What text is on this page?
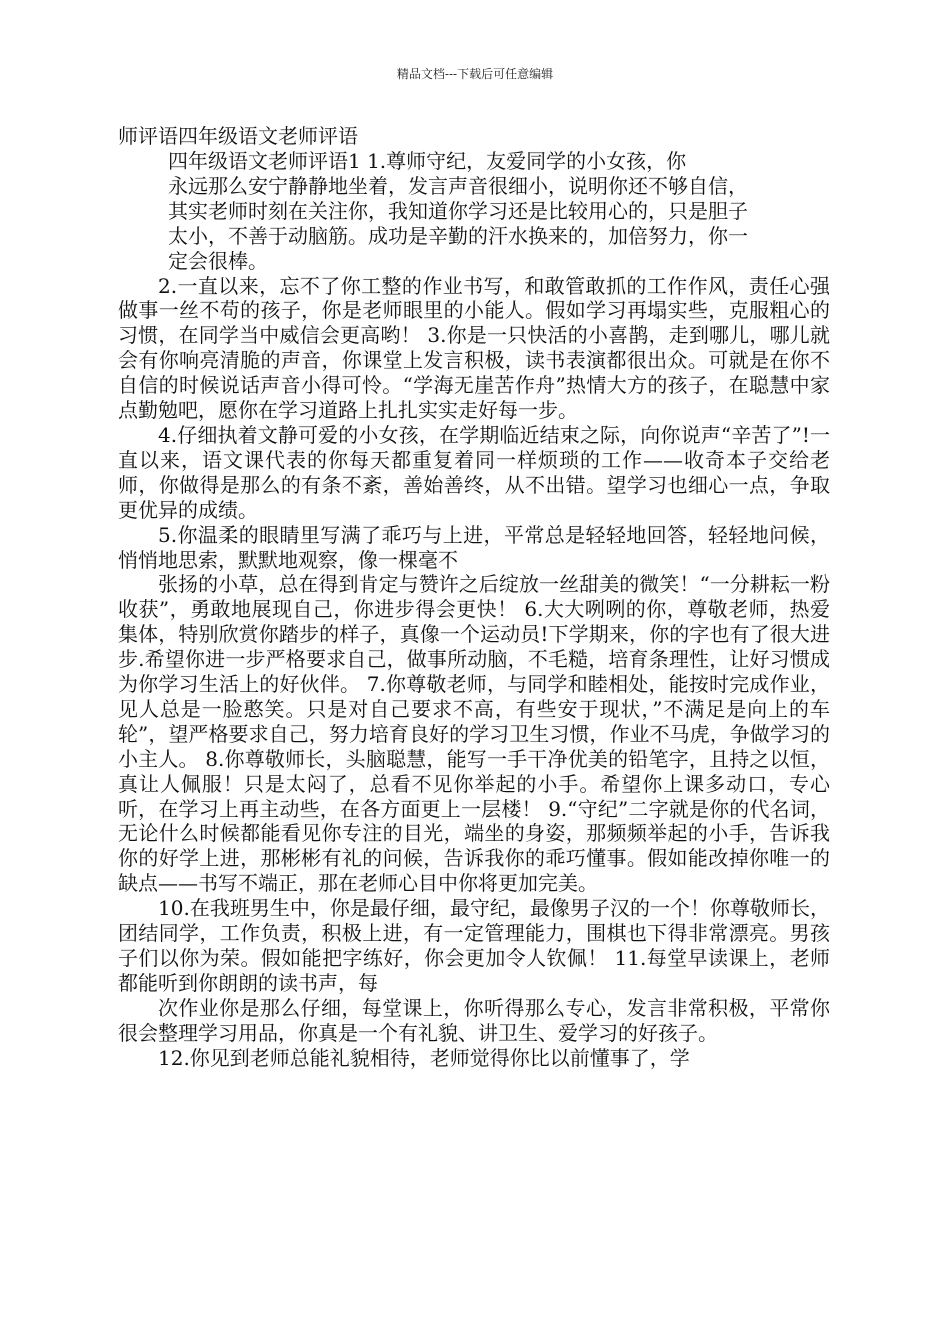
精品文档---下载后可任意编辑
师评语四年级语文老师评语

四年级语文老师评语1 1.尊师守纪，友爱同学的小女孩，你
永远那么安宁静静地坐着，发言声音很细小，说明你还不够自信，
其实老师时刻在关注你，我知道你学习还是比较用心的，只是胆子
太小，不善于动脑筋。成功是辛勤的汗水换来的，加倍努力，你一
定会很棒。

2.一直以来，忘不了你工整的作业书写，和敢管敢抓的工作作风，责任心强做事一丝不苟的孩子，你是老师眼里的小能人。假如学习再塌实些，克服粗心的习惯，在同学当中威信会更高哟！ 3.你是一只快活的小喜鹊，走到哪儿，哪儿就会有你响亮清脆的声音，你课堂上发言积极，读书表演都很出众。可就是在你不自信的时候说话声音小得可怜。“学海无崖苦作舟”热情大方的孩子，在聪慧中家点勤勉吧，愿你在学习道路上扎扎实实走好每一步。

4.仔细执着文静可爱的小女孩，在学期临近结束之际，向你说声“辛苦了”!一直以来，语文课代表的你每天都重复着同一样烦琐的工作——收奇本子交给老师，你做得是那么的有条不紊，善始善终，从不出错。望学习也细心一点，争取更优异的成绩。

5.你温柔的眼睛里写满了乖巧与上进，平常总是轻轻地回答，轻轻地问候，悄悄地思索，默默地观察，像一棵毫不

张扬的小草，总在得到肯定与赞许之后绽放一丝甜美的微笑！“一分耕耘一粉收获”，勇敢地展现自己，你进步得会更快！ 6.大大咧咧的你，尊敬老师，热爱集体，特别欣赏你踏步的样子，真像一个运动员!下学期来，你的字也有了很大进步.希望你进一步严格要求自己，做事所动脑，不毛糙，培育条理性，让好习惯成为你学习生活上的好伙伴。 7.你尊敬老师，与同学和睦相处，能按时完成作业，见人总是一脸憨笑。只是对自己要求不高，有些安于现状，”不满足是向上的车轮”，望严格要求自己，努力培育良好的学习卫生习惯，作业不马虎，争做学习的小主人。 8.你尊敬师长，头脑聪慧，能写一手干净优美的铅笔字，且持之以恒，真让人佩服！只是太闷了，总看不见你举起的小手。希望你上课多动口，专心听，在学习上再主动些，在各方面更上一层楼！ 9.“守纪”二字就是你的代名词，无论什么时候都能看见你专注的目光，端坐的身姿，那频频举起的小手，告诉我你的好学上进，那彬彬有礼的问候，告诉我你的乖巧懂事。假如能改掉你唯一的缺点——书写不端正，那在老师心目中你将更加完美。

10.在我班男生中，你是最仔细，最守纪，最像男子汉的一个！你尊敬师长，团结同学，工作负责，积极上进，有一定管理能力，围棋也下得非常漂亮。男孩子们以你为荣。假如能把字练好，你会更加令人钦佩！ 11.每堂早读课上，老师都能听到你朗朗的读书声，每

次作业你是那么仔细，每堂课上，你听得那么专心，发言非常积极，平常你很会整理学习用品，你真是一个有礼貌、讲卫生、爱学习的好孩子。

12.你见到老师总能礼貌相待，老师觉得你比以前懂事了，学
